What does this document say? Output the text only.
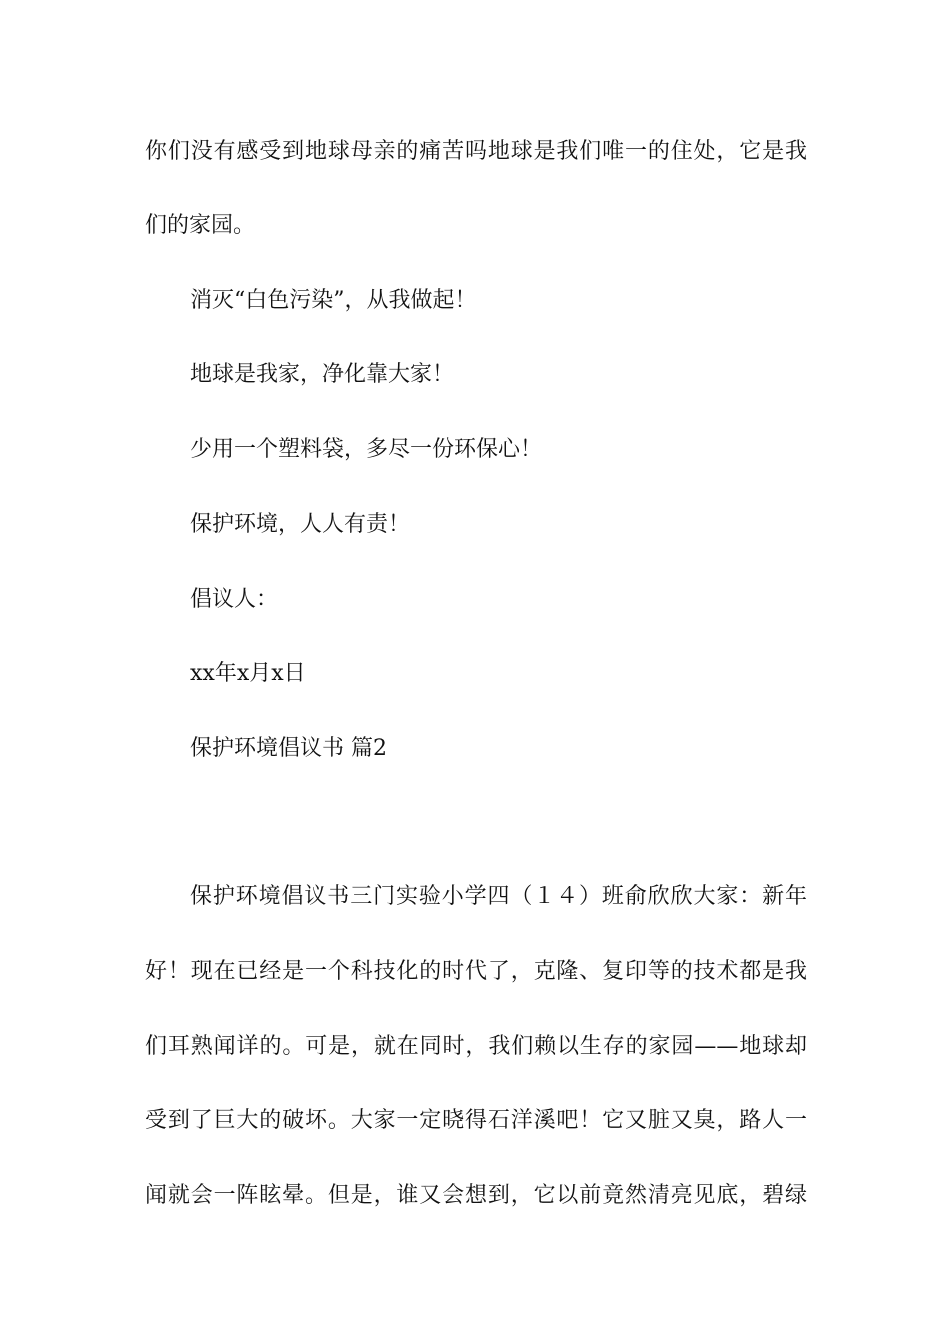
你们没有感受到地球母亲的痛苦吗地球是我们唯一的住处，它是我
们的家园。
消灭“白色污染”，从我做起！
地球是我家，净化靠大家！
少用一个塑料袋，多尽一份环保心！
保护环境，人人有责！
倡议人：
xx年x月x日
保护环境倡议书 篇2
保护环境倡议书三门实验小学四（１４）班俞欣欣大家：新年
好！现在已经是一个科技化的时代了，克隆、复印等的技术都是我
们耳熟闻详的。可是，就在同时，我们赖以生存的家园——地球却
受到了巨大的破坏。大家一定晓得石洋溪吧！它又脏又臭，路人一
闻就会一阵眩晕。但是，谁又会想到，它以前竟然清亮见底，碧绿
